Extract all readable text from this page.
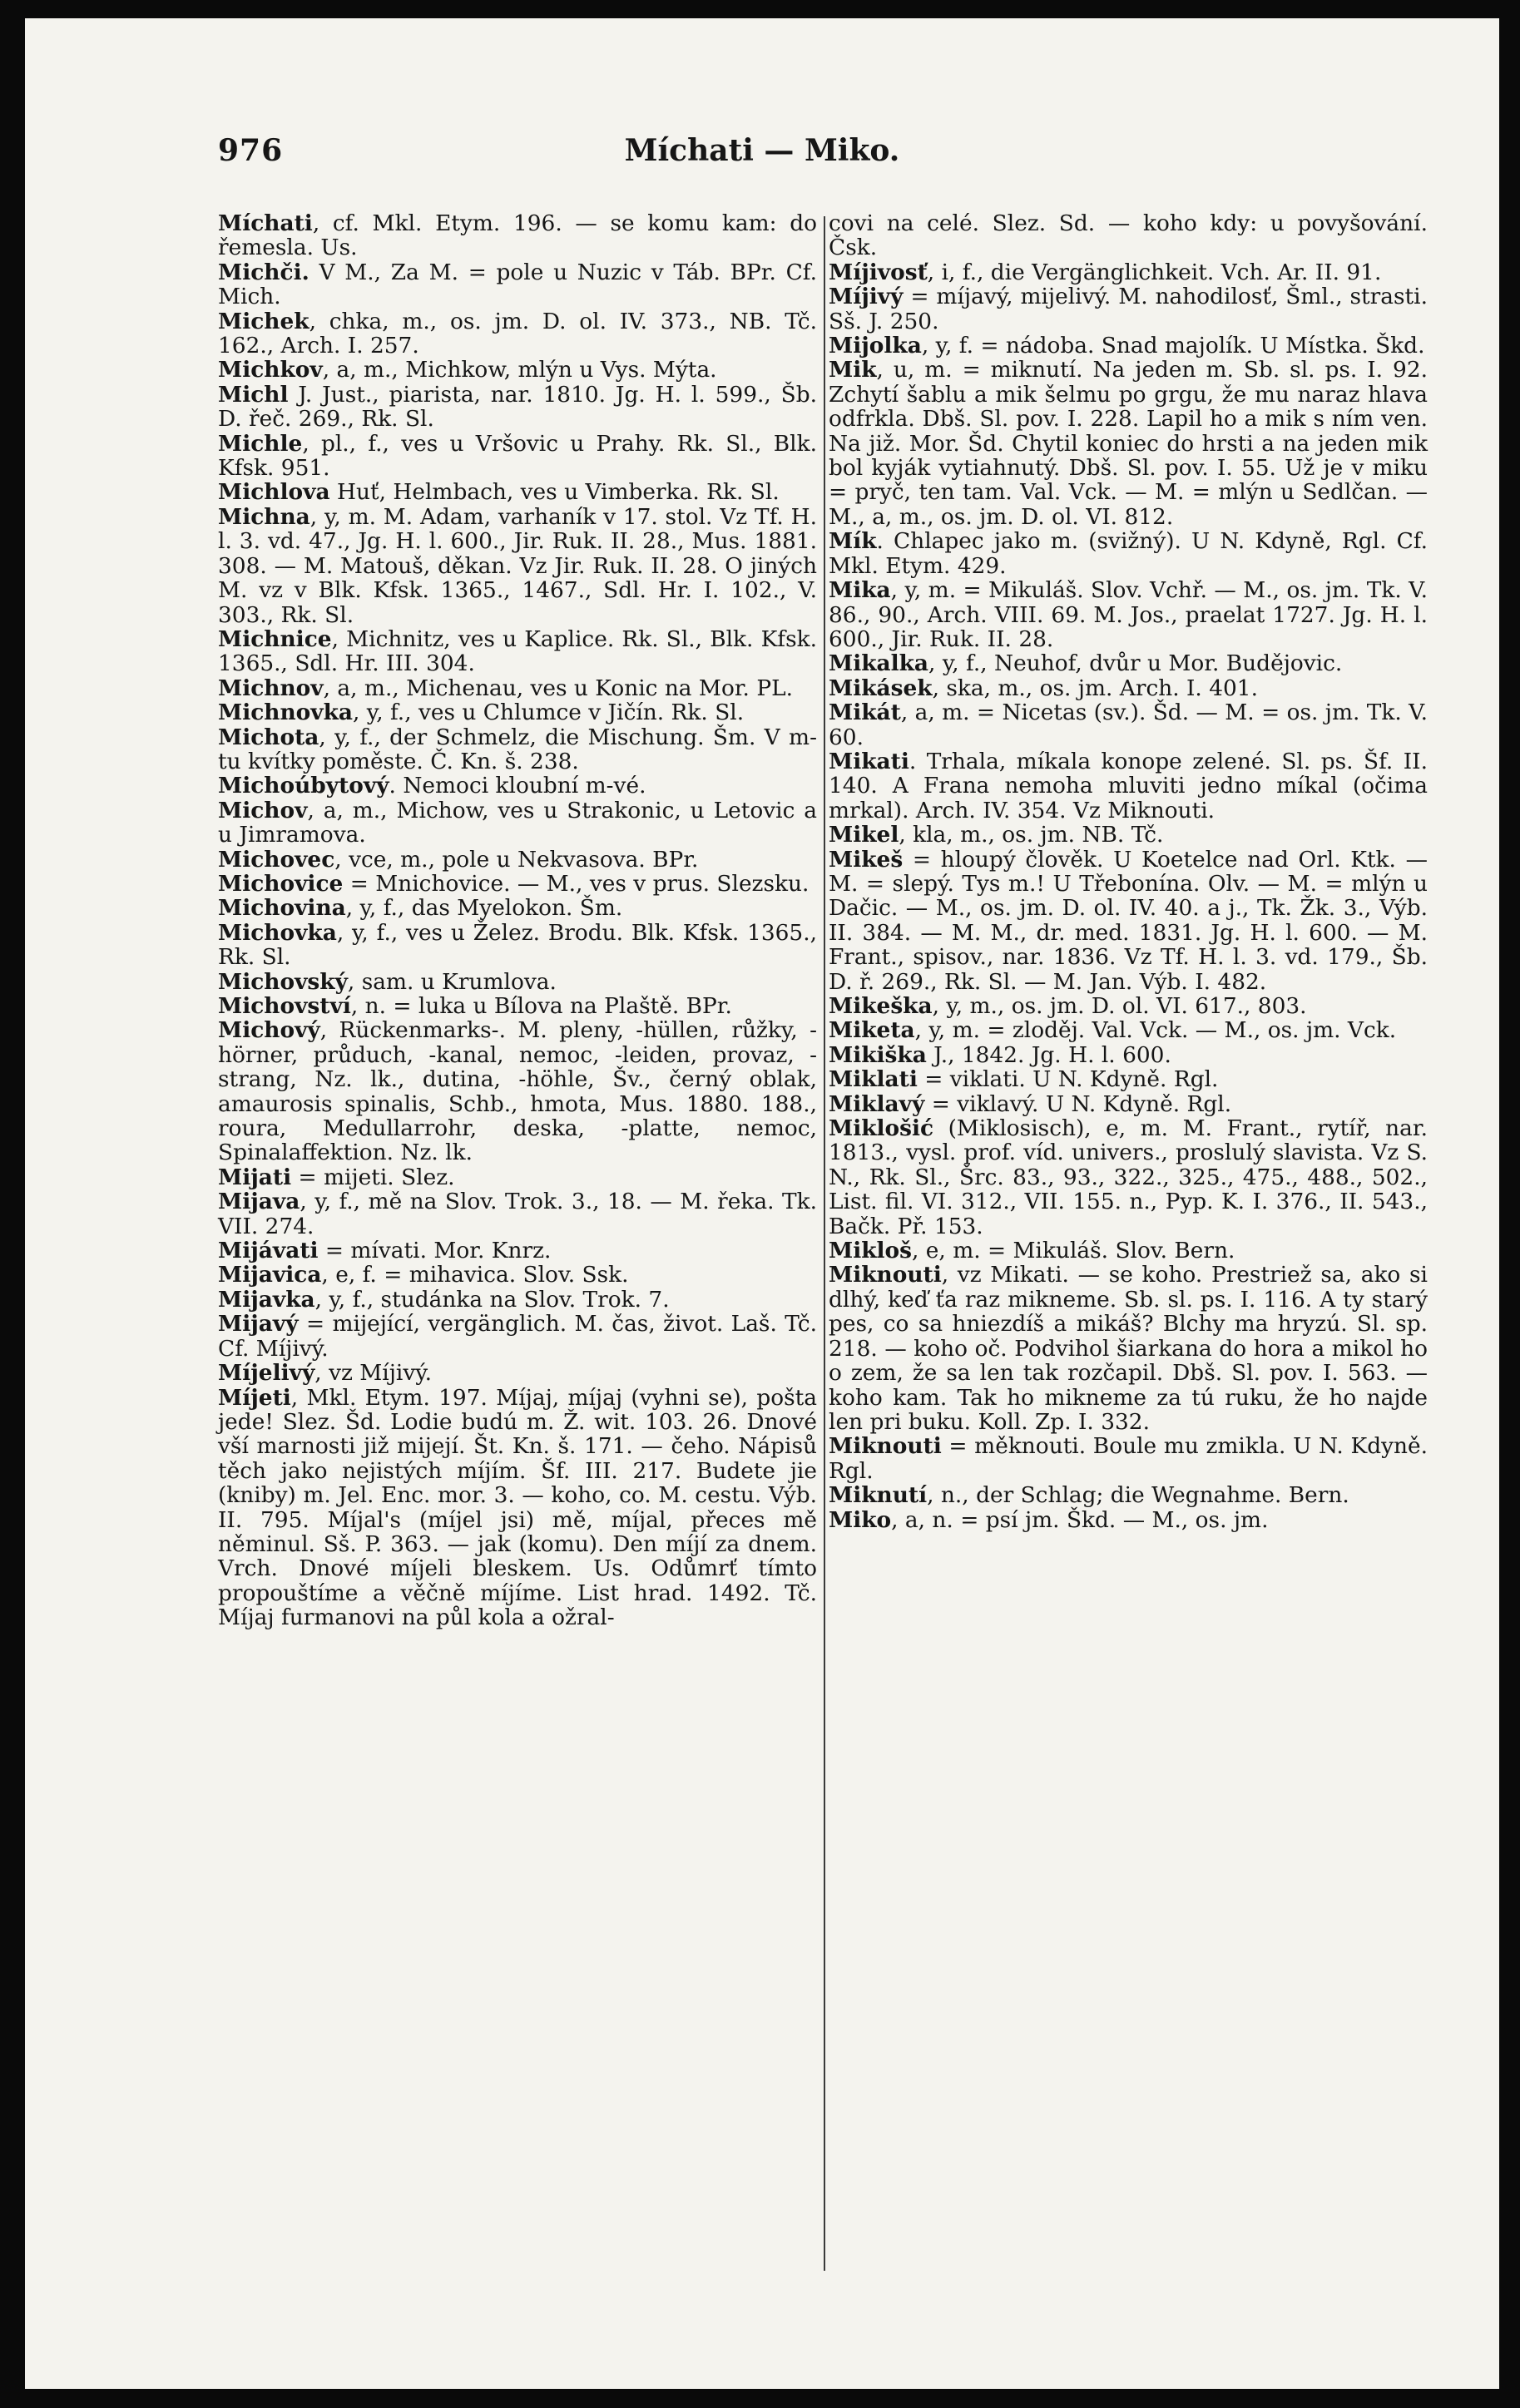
976	Míchati — Miko.

Míchati, cf. Mkl. Etym. 196. — se komu kam: do řemesla. Us.

Michči. V M., Za M. = pole u Nuzic v Táb. BPr. Cf. Mich.

Michek, chka, m., os. jm. D. ol. IV. 373., NB. Tč. 162., Arch. I. 257.

Michkov, a, m., Michkow, mlýn u Vys. Mýta.

Michl J. Just., piarista, nar. 1810. Jg. H. l. 599., Šb. D. řeč. 269., Rk. Sl.

Michle, pl., f., ves u Vršovic u Prahy. Rk. Sl., Blk. Kfsk. 951.

Michlova Huť, Helmbach, ves u Vimberka. Rk. Sl.

Michna, y, m. M. Adam, varhaník v 17. stol. Vz Tf. H. l. 3. vd. 47., Jg. H. l. 600., Jir. Ruk. II. 28., Mus. 1881. 308. — M. Matouš, děkan. Vz Jir. Ruk. II. 28. O jiných M. vz v Blk. Kfsk. 1365., 1467., Sdl. Hr. I. 102., V. 303., Rk. Sl.

Michnice, Michnitz, ves u Kaplice. Rk. Sl., Blk. Kfsk. 1365., Sdl. Hr. III. 304.

Michnov, a, m., Michenau, ves u Konic na Mor. PL.

Michnovka, y, f., ves u Chlumce v Jičín. Rk. Sl.

Michota, y, f., der Schmelz, die Mischung. Šm. V m-tu kvítky poměste. Č. Kn. š. 238.

Michoúbytový. Nemoci kloubní m-vé.

Michov, a, m., Michow, ves u Strakonic, u Letovic a u Jimramova.

Michovec, vce, m., pole u Nekvasova. BPr.

Michovice = Mnichovice. — M., ves v prus. Slezsku.

Michovina, y, f., das Myelokon. Šm.

Michovka, y, f., ves u Želez. Brodu. Blk. Kfsk. 1365., Rk. Sl.

Michovský, sam. u Krumlova.

Michovství, n. = luka u Bílova na Plaště. BPr.

Michový, Rückenmarks-. M. pleny, -hüllen, růžky, -hörner, průduch, -kanal, nemoc, -leiden, provaz, -strang, Nz. lk., dutina, -höhle, Šv., černý oblak, amaurosis spinalis, Schb., hmota, Mus. 1880. 188., roura, Medullarrohr, deska, -platte, nemoc, Spinalaffektion. Nz. lk.

Mijati = mijeti. Slez.

Mijava, y, f., mě na Slov. Trok. 3., 18. — M. řeka. Tk. VII. 274.

Mijávati = mívati. Mor. Knrz.

Mijavica, e, f. = mihavica. Slov. Ssk.

Mijavka, y, f., studánka na Slov. Trok. 7.

Mijavý = mijející, vergänglich. M. čas, život. Laš. Tč. Cf. Míjivý.

Míjelivý, vz Míjivý.

Míjeti, Mkl. Etym. 197. Míjaj, míjaj (vyhni se), pošta jede! Slez. Šd. Lodie budú m. Ž. wit. 103. 26. Dnové vší marnosti již mijejí. Št. Kn. š. 171. — čeho. Nápisů těch jako nejistých míjím. Šf. III. 217. Budete jie (kniby) m. Jel. Enc. mor. 3. — koho, co. M. cestu. Výb. II. 795. Míjal's (míjel jsi) mě, míjal, přeces mě něminul. Sš. P. 363. — jak (komu). Den míjí za dnem. Vrch. Dnové míjeli bleskem. Us. Odůmrť tímto propouštíme a věčně míjíme. List hrad. 1492. Tč. Míjaj furmanovi na půl kola a ožral-

covi na celé. Slez. Sd. — koho kdy: u povyšování. Čsk.

Míjivosť, i, f., die Vergänglichkeit. Vch. Ar. II. 91.

Míjivý = míjavý, mijelivý. M. nahodilosť, Šml., strasti. Sš. J. 250.

Mijolka, y, f. = nádoba. Snad majolík. U Místka. Škd.

Mik, u, m. = miknutí. Na jeden m. Sb. sl. ps. I. 92. Zchytí šablu a mik šelmu po grgu, že mu naraz hlava odfrkla. Dbš. Sl. pov. I. 228. Lapil ho a mik s ním ven. Na již. Mor. Šd. Chytil koniec do hrsti a na jeden mik bol kyják vytiahnutý. Dbš. Sl. pov. I. 55. Už je v miku = pryč, ten tam. Val. Vck. — M. = mlýn u Sedlčan. — M., a, m., os. jm. D. ol. VI. 812.

Mík. Chlapec jako m. (svižný). U N. Kdyně, Rgl. Cf. Mkl. Etym. 429.

Mika, y, m. = Mikuláš. Slov. Vchř. — M., os. jm. Tk. V. 86., 90., Arch. VIII. 69. M. Jos., praelat 1727. Jg. H. l. 600., Jir. Ruk. II. 28.

Mikalka, y, f., Neuhof, dvůr u Mor. Budějovic.

Mikásek, ska, m., os. jm. Arch. I. 401.

Mikát, a, m. = Nicetas (sv.). Šd. — M. = os. jm. Tk. V. 60.

Mikati. Trhala, míkala konope zelené. Sl. ps. Šf. II. 140. A Frana nemoha mluviti jedno míkal (očima mrkal). Arch. IV. 354. Vz Miknouti.

Mikel, kla, m., os. jm. NB. Tč.

Mikeš = hloupý člověk. U Koetelce nad Orl. Ktk. — M. = slepý. Tys m.! U Třebonína. Olv. — M. = mlýn u Dačic. — M., os. jm. D. ol. IV. 40. a j., Tk. Žk. 3., Výb. II. 384. — M. M., dr. med. 1831. Jg. H. l. 600. — M. Frant., spisov., nar. 1836. Vz Tf. H. l. 3. vd. 179., Šb. D. ř. 269., Rk. Sl. — M. Jan. Výb. I. 482.

Mikeška, y, m., os. jm. D. ol. VI. 617., 803.

Miketa, y, m. = zloděj. Val. Vck. — M., os. jm. Vck.

Mikiška J., 1842. Jg. H. l. 600.

Miklati = viklati. U N. Kdyně. Rgl.

Miklavý = viklavý. U N. Kdyně. Rgl.

Miklošić (Miklosisch), e, m. M. Frant., rytíř, nar. 1813., vysl. prof. víd. univers., proslulý slavista. Vz S. N., Rk. Sl., Šrc. 83., 93., 322., 325., 475., 488., 502., List. fil. VI. 312., VII. 155. n., Pyp. K. I. 376., II. 543., Bačk. Př. 153.

Mikloš, e, m. = Mikuláš. Slov. Bern.

Miknouti, vz Mikati. — se koho. Prestriež sa, ako si dlhý, keď ťa raz mikneme. Sb. sl. ps. I. 116. A ty starý pes, co sa hniezdíš a mikáš? Blchy ma hryzú. Sl. sp. 218. — koho oč. Podvihol šiarkana do hora a mikol ho o zem, že sa len tak rozčapil. Dbš. Sl. pov. I. 563. — koho kam. Tak ho mikneme za tú ruku, že ho najde len pri buku. Koll. Zp. I. 332.

Miknouti = měknouti. Boule mu zmikla. U N. Kdyně. Rgl.

Miknutí, n., der Schlag; die Wegnahme. Bern.

Miko, a, n. = psí jm. Škd. — M., os. jm.
